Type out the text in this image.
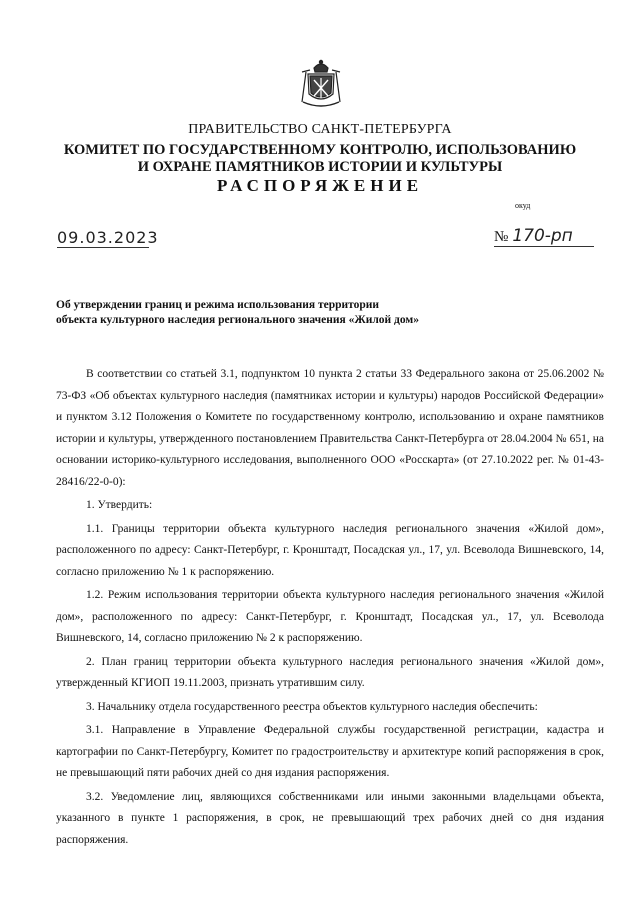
ПРАВИТЕЛЬСТВО САНКТ-ПЕТЕРБУРГА
КОМИТЕТ ПО ГОСУДАРСТВЕННОМУ КОНТРОЛЮ, ИСПОЛЬЗОВАНИЮ
И ОХРАНЕ ПАМЯТНИКОВ ИСТОРИИ И КУЛЬТУРЫ
РАСПОРЯЖЕНИЕ
окуд
09.03.2023	№ 170-рп
Об утверждении границ и режима использования территории
объекта культурного наследия регионального значения «Жилой дом»

В соответствии со статьей 3.1, подпунктом 10 пункта 2 статьи 33 Федерального закона от 25.06.2002 № 73-ФЗ «Об объектах культурного наследия (памятниках истории и культуры) народов Российской Федерации» и пунктом 3.12 Положения о Комитете по государственному контролю, использованию и охране памятников истории и культуры, утвержденного постановлением Правительства Санкт-Петербурга от 28.04.2004 № 651, на основании историко-культурного исследования, выполненного ООО «Росскарта» (от 27.10.2022 рег. № 01-43-28416/22-0-0):

1. Утвердить:

1.1. Границы территории объекта культурного наследия регионального значения «Жилой дом», расположенного по адресу: Санкт-Петербург, г. Кронштадт, Посадская ул., 17, ул. Всеволода Вишневского, 14, согласно приложению № 1 к распоряжению.

1.2. Режим использования территории объекта культурного наследия регионального значения «Жилой дом», расположенного по адресу: Санкт-Петербург, г. Кронштадт, Посадская ул., 17, ул. Всеволода Вишневского, 14, согласно приложению № 2 к распоряжению.

2. План границ территории объекта культурного наследия регионального значения «Жилой дом», утвержденный КГИОП 19.11.2003, признать утратившим силу.

3. Начальнику отдела государственного реестра объектов культурного наследия обеспечить:

3.1. Направление в Управление Федеральной службы государственной регистрации, кадастра и картографии по Санкт-Петербургу, Комитет по градостроительству и архитектуре копий распоряжения в срок, не превышающий пяти рабочих дней со дня издания распоряжения.

3.2. Уведомление лиц, являющихся собственниками или иными законными владельцами объекта, указанного в пункте 1 распоряжения, в срок, не превышающий трех рабочих дней со дня издания распоряжения.
